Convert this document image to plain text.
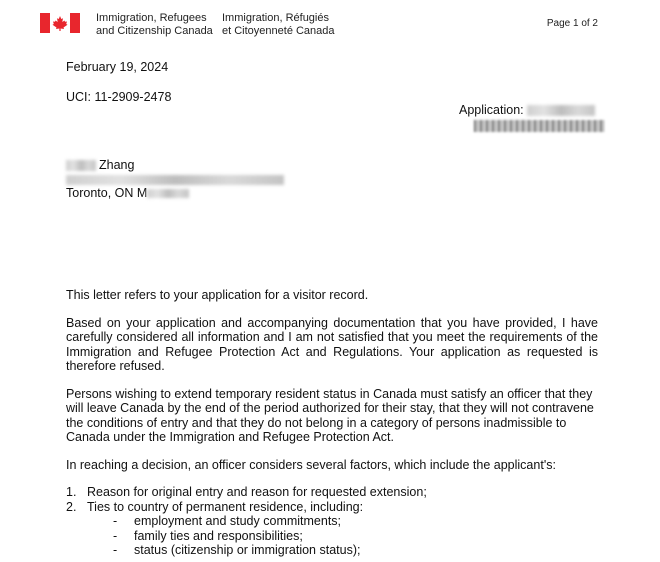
Immigration, Refugees
and Citizenship Canada
Immigration, Réfugiés
et Citoyenneté Canada
Page 1 of 2
February 19, 2024
UCI: 11-2909-2478
Application:
Zhang
Toronto, ON M

This letter refers to your application for a visitor record.

Based on your application and accompanying documentation that you have provided, I have carefully considered all information and I am not satisfied that you meet the requirements of the Immigration and Refugee Protection Act and Regulations. Your application as requested is therefore refused.

Persons wishing to extend temporary resident status in Canada must satisfy an officer that they will leave Canada by the end of the period authorized for their stay, that they will not contravene the conditions of entry and that they do not belong in a category of persons inadmissible to Canada under the Immigration and Refugee Protection Act.

In reaching a decision, an officer considers several factors, which include the applicant's:

1. Reason for original entry and reason for requested extension;
2. Ties to country of permanent residence, including:
-	employment and study commitments;
-	family ties and responsibilities;
-	status (citizenship or immigration status);
